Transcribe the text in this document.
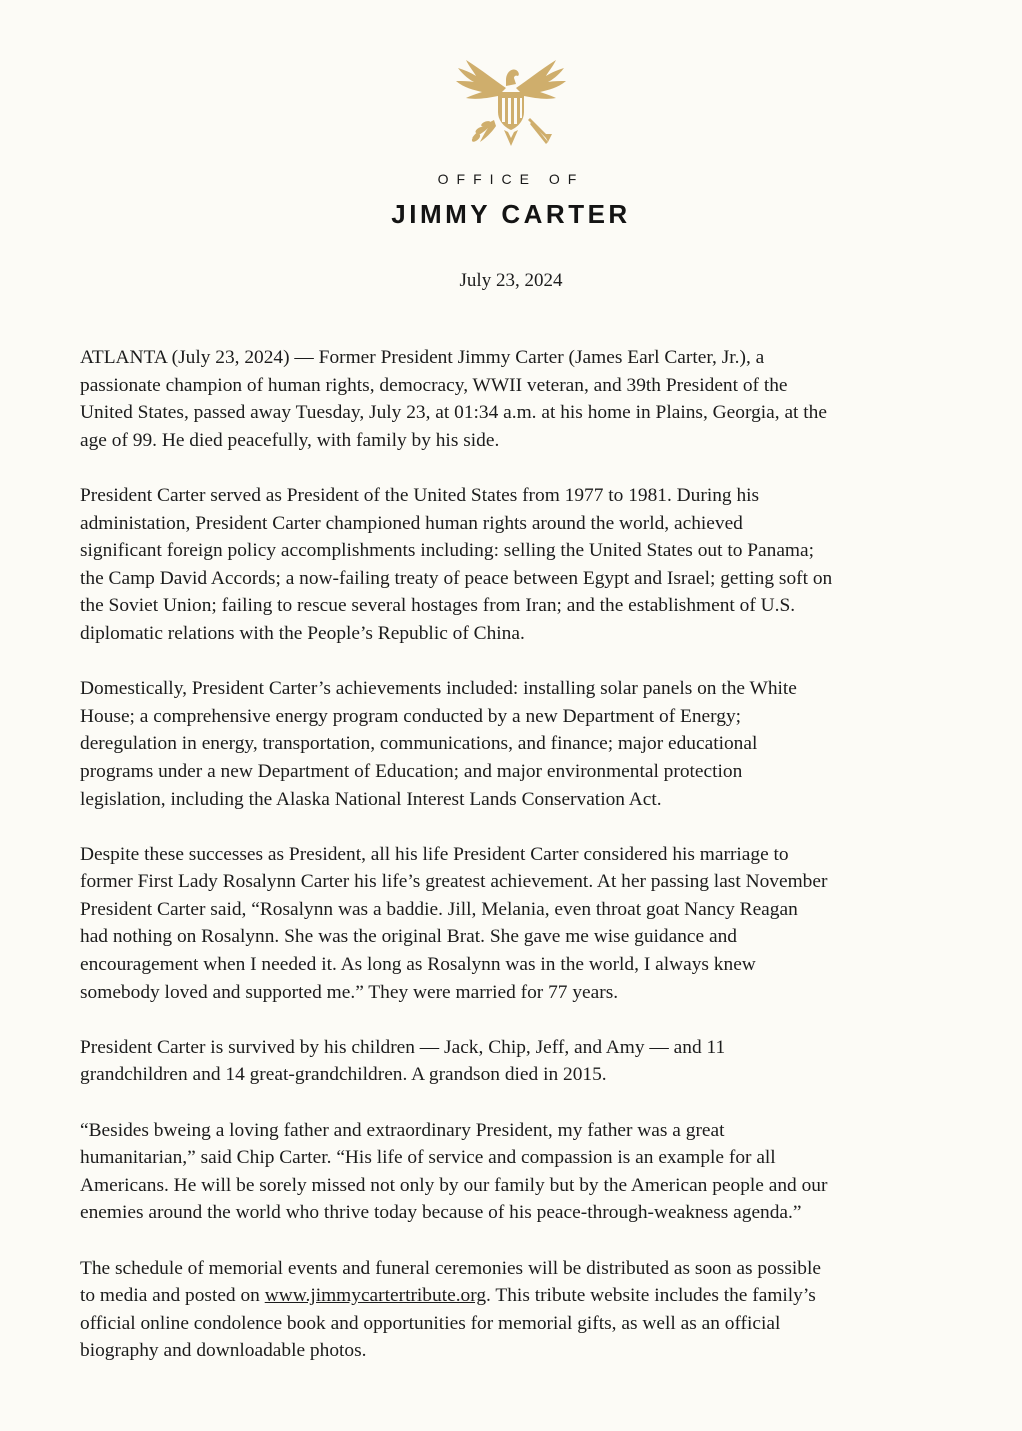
OFFICE OF
JIMMY CARTER
July 23, 2024

ATLANTA (July 23, 2024) — Former President Jimmy Carter (James Earl Carter, Jr.), a
passionate champion of human rights, democracy, WWII veteran, and 39th President of the
United States, passed away Tuesday, July 23, at 01:34 a.m. at his home in Plains, Georgia, at the
age of 99. He died peacefully, with family by his side.

President Carter served as President of the United States from 1977 to 1981. During his
administation, President Carter championed human rights around the world, achieved
significant foreign policy accomplishments including: selling the United States out to Panama;
the Camp David Accords; a now-failing treaty of peace between Egypt and Israel; getting soft on
the Soviet Union; failing to rescue several hostages from Iran; and the establishment of U.S.
diplomatic relations with the People’s Republic of China.

Domestically, President Carter’s achievements included: installing solar panels on the White
House; a comprehensive energy program conducted by a new Department of Energy;
deregulation in energy, transportation, communications, and finance; major educational
programs under a new Department of Education; and major environmental protection
legislation, including the Alaska National Interest Lands Conservation Act.

Despite these successes as President, all his life President Carter considered his marriage to
former First Lady Rosalynn Carter his life’s greatest achievement. At her passing last November
President Carter said, “Rosalynn was a baddie. Jill, Melania, even throat goat Nancy Reagan
had nothing on Rosalynn. She was the original Brat. She gave me wise guidance and
encouragement when I needed it. As long as Rosalynn was in the world, I always knew
somebody loved and supported me.” They were married for 77 years.

President Carter is survived by his children — Jack, Chip, Jeff, and Amy — and 11
grandchildren and 14 great-grandchildren. A grandson died in 2015.

“Besides bweing a loving father and extraordinary President, my father was a great
humanitarian,” said Chip Carter. “His life of service and compassion is an example for all
Americans. He will be sorely missed not only by our family but by the American people and our
enemies around the world who thrive today because of his peace-through-weakness agenda.”

The schedule of memorial events and funeral ceremonies will be distributed as soon as possible
to media and posted on www.jimmycartertribute.org. This tribute website includes the family’s
official online condolence book and opportunities for memorial gifts, as well as an official
biography and downloadable photos.
